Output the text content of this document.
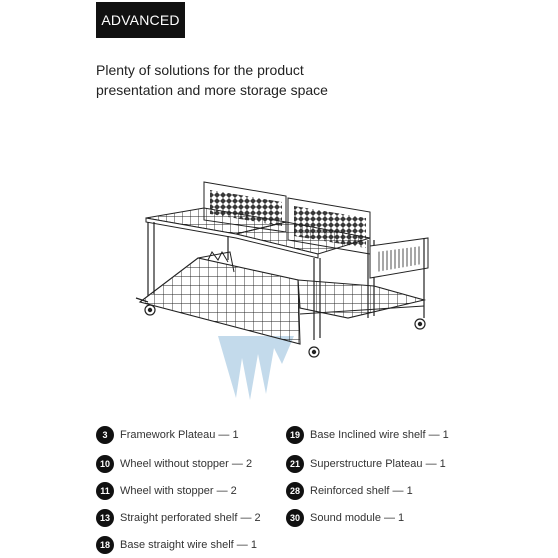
ADVANCED
Plenty of solutions for the product
presentation and more storage space
3	Framework Plateau — 1
10 Wheel without stopper — 2
11 Wheel with stopper — 2
13 Straight perforated shelf — 2
18 Base straight wire shelf — 1
19 Base Inclined wire shelf — 1
21 Superstructure Plateau — 1
28 Reinforced shelf — 1
30 Sound module — 1
